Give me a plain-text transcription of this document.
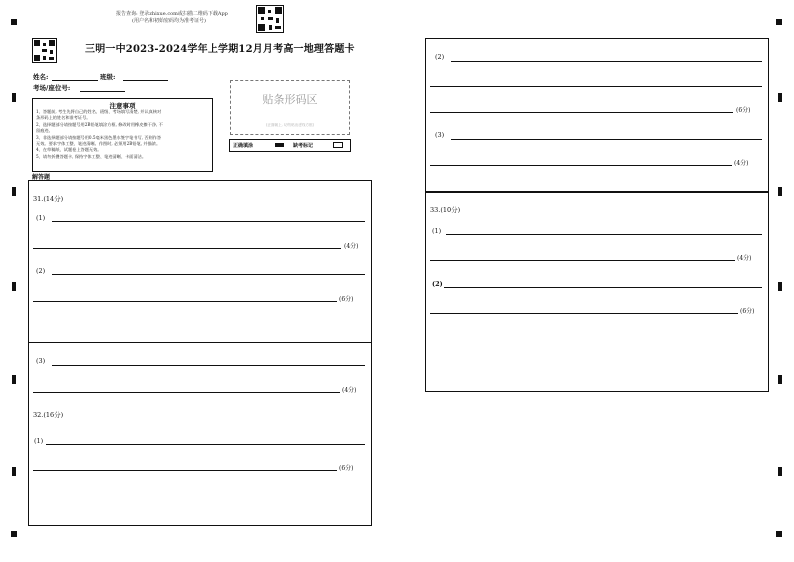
报告查询: 登录zhixue.com或扫描二维码下载App
(用户名和初始密码均为准考证号)
三明一中2023-2024学年上学期12月月考高一地理答题卡
姓名:	班级:
考场/座位号:
注意事项
1、答题前, 考生先将自己的姓名、班级、考场填写清楚, 并认真核对
条形码上的姓名和准考证号。
2、选择题部分请按题号用2B铅笔填涂方框, 修改时用橡皮擦干净, 不
留痕迹。
3、非选择题部分请按题号用0.5毫米黑色墨水签字笔书写, 否则作答
无效。要求字体工整、笔迹清晰。作图时, 必须用2B铅笔, 并描浓。
4、在草稿纸、试题卷上答题无效。
5、请勿折叠答题卡, 保持字体工整、笔迹清晰、卡面清洁。
贴条形码区
(正面朝上, 切勿贴出虚线方框)
正确填涂	缺考标记
解答题
31.(14分)
(1)
(4分)
(2)
(6分)
(3)
(4分)
32.(16分)
(1)
(6分)
(2)
(6分)
(3)
(4分)
33.(10分)
(1)
(4分)
(2)
(6分)
